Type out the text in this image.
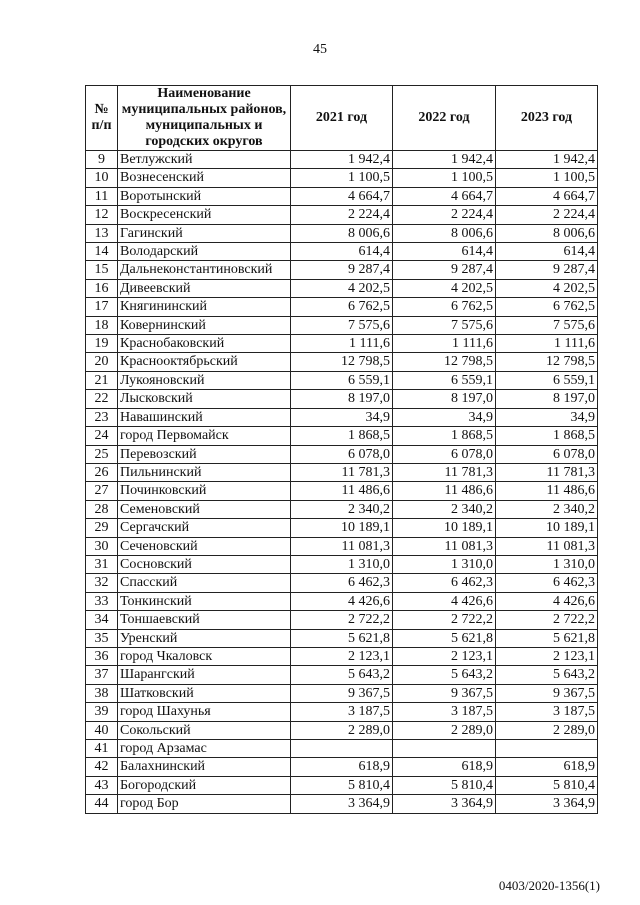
45
№ п/п	Наименование муниципальных районов, муниципальных и городских округов	2021 год	2022 год	2023 год
9	Ветлужский	1 942,4	1 942,4	1 942,4
10	Вознесенский	1 100,5	1 100,5	1 100,5
11	Воротынский	4 664,7	4 664,7	4 664,7
12	Воскресенский	2 224,4	2 224,4	2 224,4
13	Гагинский	8 006,6	8 006,6	8 006,6
14	Володарский	614,4	614,4	614,4
15	Дальнеконстантиновский	9 287,4	9 287,4	9 287,4
16	Дивеевский	4 202,5	4 202,5	4 202,5
17	Княгининский	6 762,5	6 762,5	6 762,5
18	Ковернинский	7 575,6	7 575,6	7 575,6
19	Краснобаковский	1 111,6	1 111,6	1 111,6
20	Краснооктябрьский	12 798,5	12 798,5	12 798,5
21	Лукояновский	6 559,1	6 559,1	6 559,1
22	Лысковский	8 197,0	8 197,0	8 197,0
23	Навашинский	34,9	34,9	34,9
24	город Первомайск	1 868,5	1 868,5	1 868,5
25	Перевозский	6 078,0	6 078,0	6 078,0
26	Пильнинский	11 781,3	11 781,3	11 781,3
27	Починковский	11 486,6	11 486,6	11 486,6
28	Семеновский	2 340,2	2 340,2	2 340,2
29	Сергачский	10 189,1	10 189,1	10 189,1
30	Сеченовский	11 081,3	11 081,3	11 081,3
31	Сосновский	1 310,0	1 310,0	1 310,0
32	Спасский	6 462,3	6 462,3	6 462,3
33	Тонкинский	4 426,6	4 426,6	4 426,6
34	Тоншаевский	2 722,2	2 722,2	2 722,2
35	Уренский	5 621,8	5 621,8	5 621,8
36	город Чкаловск	2 123,1	2 123,1	2 123,1
37	Шарангский	5 643,2	5 643,2	5 643,2
38	Шатковский	9 367,5	9 367,5	9 367,5
39	город Шахунья	3 187,5	3 187,5	3 187,5
40	Сокольский	2 289,0	2 289,0	2 289,0
41	город Арзамас			
42	Балахнинский	618,9	618,9	618,9
43	Богородский	5 810,4	5 810,4	5 810,4
44	город Бор	3 364,9	3 364,9	3 364,9
0403/2020-1356(1)
